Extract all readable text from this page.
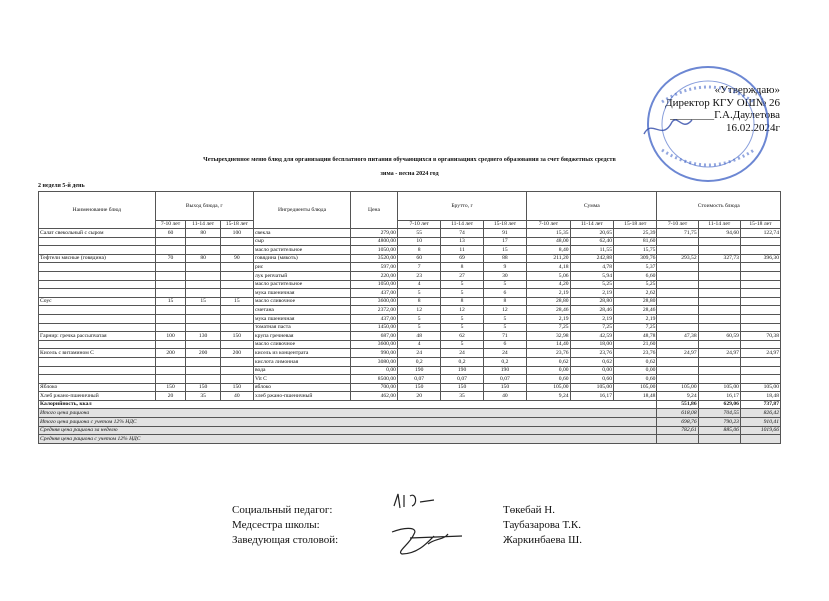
«Утверждаю»
Директор КГУ ОШ№ 26
________Г.А.Даулетова
16.02.2024г
Четырехдневное меню блюд для организации бесплатного питания обучающихся в организациях среднего образования за счет бюджетных средств
зима - весна 2024 год
2 неделя 5-й день
Наименование блюд	Выход блюда, г			Ингредиенты блюда	Цена	Брутто, г			Сумма			Стоимость блюда		
	7-10 лет	11-14 лет	15-18 лет			7-10 лет	11-14 лет	15-18 лет	7-10 лет	11-14 лет	15-18 лет	7-10 лет	11-14 лет	15-18 лет
Салат свекольный с сыром	60	80	100	свекла	279,00	55	74	91	15,35	20,65	25,39	71,75	94,60	122,74
				сыр	4800,00	10	13	17	48,00	62,40	81,60			
				масло растительное	1050,00	8	11	15	8,40	11,55	15,75			
Тефтели мясные (говядина)	70	80	90	говядина (мякоть)	3520,00	60	69	88	211,20	242,88	309,76	293,52	327,73	396,30
				рис	597,00	7	8	9	4,18	4,78	5,37			
				лук репчатый	220,00	23	27	30	5,06	5,94	6,60			
				масло растительное	1050,00	4	5	5	4,20	5,25	5,25			
				мука пшеничная	437,00	5	5	6	2,19	2,19	2,62			
Соус	15	15	15	масло сливочное	3600,00	8	8	8	28,80	28,80	28,80			
				сметана	2372,00	12	12	12	28,46	28,46	28,46			
				мука пшеничная	437,00	5	5	5	2,19	2,19	2,19			
				томатная паста	1450,00	5	5	5	7,25	7,25	7,25			
Гарнир: гречка рассыпчатая	100	130	150	крупа гречневая	687,00	48	62	71	32,98	42,59	48,78	47,38	60,59	70,38
				масло сливочное	3600,00	4	5	6	14,40	18,00	21,60			
Кисель с витамином С	200	200	200	кисель из концентрата	990,00	24	24	24	23,76	23,76	23,76	24,97	24,97	24,97
				кислота лимонная	3080,00	0,2	0,2	0,2	0,62	0,62	0,62			
				вода	0,00	190	190	190	0,00	0,00	0,00			
				Vit C	8500,00	0,07	0,07	0,07	0,60	0,60	0,60			
Яблоко	150	150	150	яблоко	700,00	150	150	150	105,00	105,00	105,00	105,00	105,00	105,00
Хлеб ржано-пшеничный	20	35	40	хлеб ржано-пшеничный	462,00	20	35	40	9,24	16,17	18,48	9,24	16,17	18,48
Калорийность, ккал												551,86	629,06	737,87
Итого цена рациона												618,08	704,55	826,42
Итого цена рациона с учетом 12% НДС												698,76	790,23	910,41
Средняя цена рациона за неделю												782,61	885,06	1019,66
Средняя цена рациона с учетом 12% НДС														
Социальный педагог:
Медсестра школы:
Заведующая столовой:
Төкебай Н.
Таубазарова Т.К.
Жаркинбаева Ш.
